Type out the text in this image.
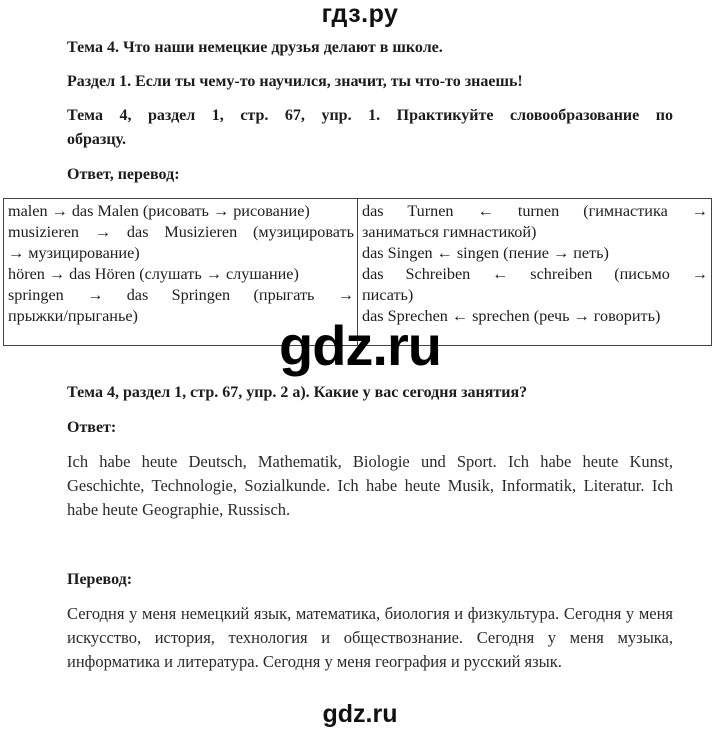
гдз.ру
Тема 4. Что наши немецкие друзья делают в школе.
Раздел 1. Если ты чему-то научился, значит, ты что-то знаешь!
Тема 4, раздел 1, стр. 67, упр. 1. Практикуйте словообразование по
образцу.
Ответ, перевод:
malen → das Malen (рисовать → рисование)
musizieren → das Musizieren (музицировать
→ музицирование)
hören → das Hören (слушать → слушание)
springen → das Springen (прыгать →
прыжки/прыганье)

das Turnen ← turnen (гимнастика →
заниматься гимнастикой)
das Singen ← singen (пение → петь)
das Schreiben ← schreiben (письмо →
писать)
das Sprechen ← sprechen (речь → говорить)
gdz.ru
Тема 4, раздел 1, стр. 67, упр. 2 а). Какие у вас сегодня занятия?
Ответ:
Ich habe heute Deutsch, Mathematik, Biologie und Sport. Ich habe heute Kunst, Geschichte, Technologie, Sozialkunde. Ich habe heute Musik, Informatik, Literatur. Ich habe heute Geographie, Russisch.
Перевод:
Сегодня у меня немецкий язык, математика, биология и физкультура. Сегодня у меня искусство, история, технология и обществознание. Сегодня у меня музыка, информатика и литература. Сегодня у меня география и русский язык.
gdz.ru
